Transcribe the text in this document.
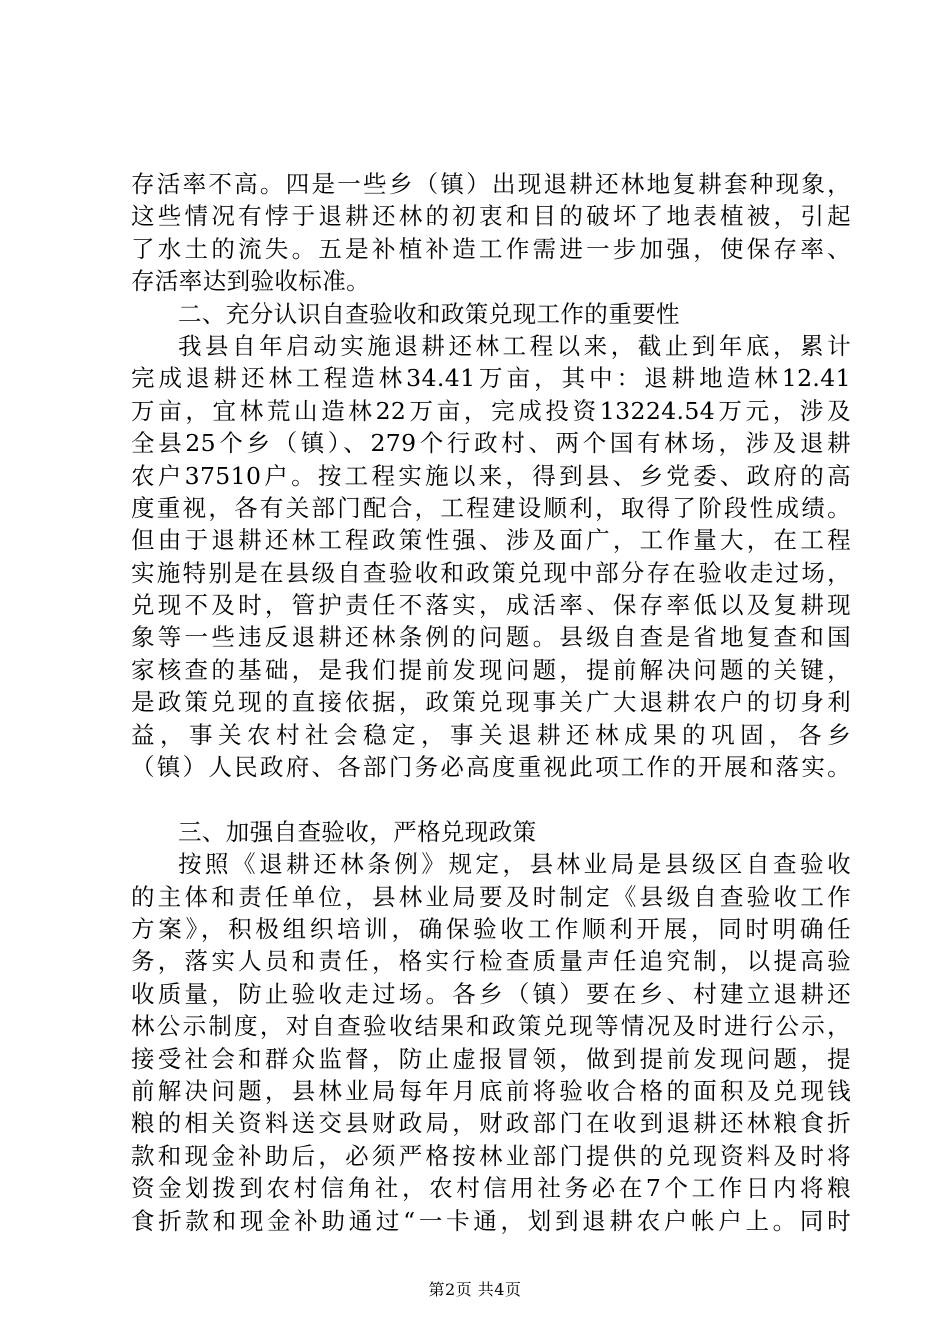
存活率不高。四是一些乡（镇）出现退耕还林地复耕套种现象，
这些情况有悖于退耕还林的初衷和目的破坏了地表植被，引起
了水土的流失。五是补植补造工作需进一步加强，使保存率、
存活率达到验收标准。
二、充分认识自查验收和政策兑现工作的重要性
我县自年启动实施退耕还林工程以来，截止到年底，累计
完成退耕还林工程造林34.41万亩，其中：退耕地造林12.41
万亩，宜林荒山造林22万亩，完成投资13224.54万元，涉及
全县25个乡（镇）、279个行政村、两个国有林场，涉及退耕
农户37510户。按工程实施以来，得到县、乡党委、政府的高
度重视，各有关部门配合，工程建设顺利，取得了阶段性成绩。
但由于退耕还林工程政策性强、涉及面广，工作量大，在工程
实施特别是在县级自查验收和政策兑现中部分存在验收走过场，
兑现不及时，管护责任不落实，成活率、保存率低以及复耕现
象等一些违反退耕还林条例的问题。县级自查是省地复查和国
家核查的基础，是我们提前发现问题，提前解决问题的关键，
是政策兑现的直接依据，政策兑现事关广大退耕农户的切身利
益，事关农村社会稳定，事关退耕还林成果的巩固，各乡
（镇）人民政府、各部门务必高度重视此项工作的开展和落实。
三、加强自查验收，严格兑现政策
按照《退耕还林条例》规定，县林业局是县级区自查验收
的主体和责任单位，县林业局要及时制定《县级自查验收工作
方案》，积极组织培训，确保验收工作顺利开展，同时明确任
务，落实人员和责任，格实行检查质量声任追究制，以提高验
收质量，防止验收走过场。各乡（镇）要在乡、村建立退耕还
林公示制度，对自查验收结果和政策兑现等情况及时进行公示，
接受社会和群众监督，防止虚报冒领，做到提前发现问题，提
前解决问题，县林业局每年月底前将验收合格的面积及兑现钱
粮的相关资料送交县财政局，财政部门在收到退耕还林粮食折
款和现金补助后，必须严格按林业部门提供的兑现资料及时将
资金划拨到农村信角社，农村信用社务必在7个工作日内将粮
食折款和现金补助通过“一卡通，划到退耕农户帐户上。同时
第2页 共4页
